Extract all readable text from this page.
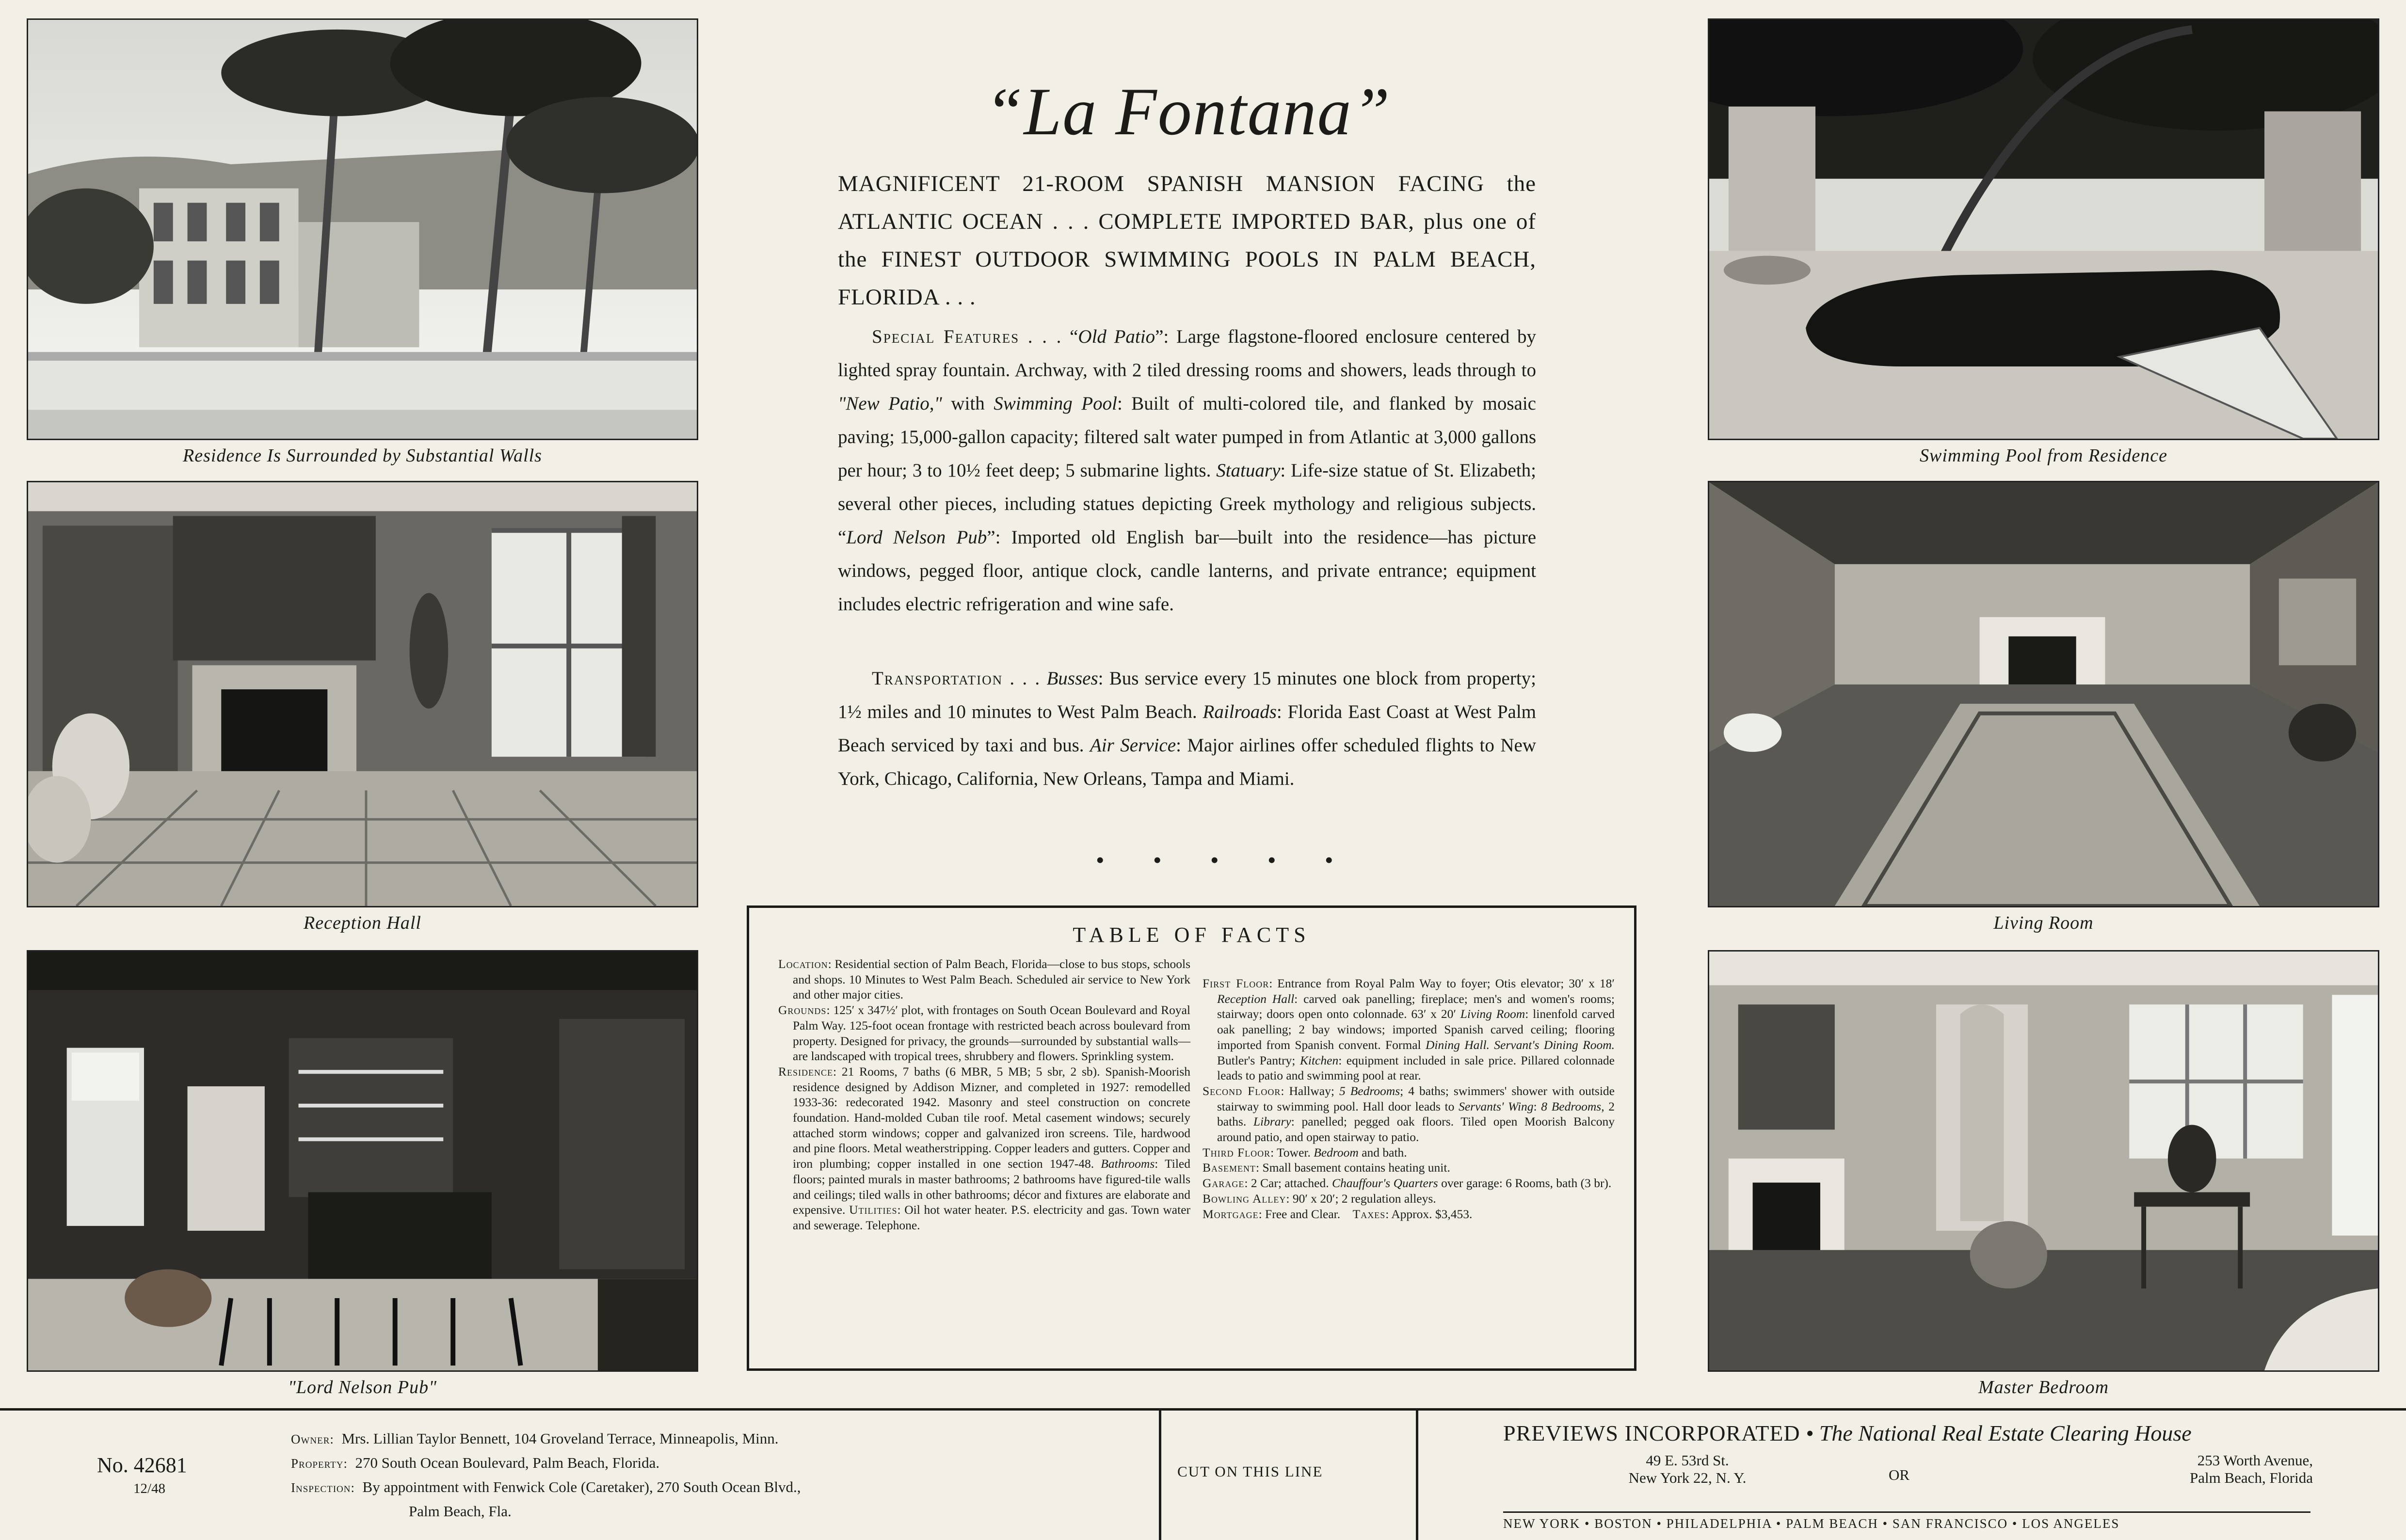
Residence Is Surrounded by Substantial Walls
Reception Hall
"Lord Nelson Pub"
Swimming Pool from Residence
Living Room
Master Bedroom
“La Fontana”
MAGNIFICENT 21-ROOM SPANISH MANSION FACING the ATLANTIC OCEAN . . . COMPLETE IMPORTED BAR, plus one of the FINEST OUTDOOR SWIMMING POOLS IN PALM BEACH, FLORIDA . . .
Special Features . . . “Old Patio”: Large flagstone-floored enclosure centered by lighted spray fountain. Archway, with 2 tiled dressing rooms and showers, leads through to "New Patio," with Swimming Pool: Built of multi-colored tile, and flanked by mosaic paving; 15,000-gallon capacity; filtered salt water pumped in from Atlantic at 3,000 gallons per hour; 3 to 10½ feet deep; 5 submarine lights. Statuary: Life-size statue of St. Elizabeth; several other pieces, including statues depicting Greek mythology and religious subjects. “Lord Nelson Pub”: Imported old English bar—built into the residence—has picture windows, pegged floor, antique clock, candle lanterns, and private entrance; equipment includes electric refrigeration and wine safe.
Transportation . . . Busses: Bus service every 15 minutes one block from property; 1½ miles and 10 minutes to West Palm Beach. Railroads: Florida East Coast at West Palm Beach serviced by taxi and bus. Air Service: Major airlines offer scheduled flights to New York, Chicago, California, New Orleans, Tampa and Miami.
• • • • •
TABLE OF FACTS
Location: Residential section of Palm Beach, Florida—close to bus stops, schools and shops. 10 Minutes to West Palm Beach. Scheduled air service to New York and other major cities.
Grounds: 125′ x 347½′ plot, with frontages on South Ocean Boulevard and Royal Palm Way. 125-foot ocean frontage with restricted beach across boulevard from property. Designed for privacy, the grounds—surrounded by substantial walls—are landscaped with tropical trees, shrubbery and flowers. Sprinkling system.
Residence: 21 Rooms, 7 baths (6 MBR, 5 MB; 5 sbr, 2 sb). Spanish-Moorish residence designed by Addison Mizner, and completed in 1927: remodelled 1933-36: redecorated 1942. Masonry and steel construction on concrete foundation. Hand-molded Cuban tile roof. Metal casement windows; securely attached storm windows; copper and galvanized iron screens. Tile, hardwood and pine floors. Metal weatherstripping. Copper leaders and gutters. Copper and iron plumbing; copper installed in one section 1947-48. Bathrooms: Tiled floors; painted murals in master bathrooms; 2 bathrooms have figured-tile walls and ceilings; tiled walls in other bathrooms; décor and fixtures are elaborate and expensive. Utilities: Oil hot water heater. P.S. electricity and gas. Town water and sewerage. Telephone.
First Floor: Entrance from Royal Palm Way to foyer; Otis elevator; 30′ x 18′ Reception Hall: carved oak panelling; fireplace; men's and women's rooms; stairway; doors open onto colonnade. 63′ x 20′ Living Room: linenfold carved oak panelling; 2 bay windows; imported Spanish carved ceiling; flooring imported from Spanish convent. Formal Dining Hall. Servant's Dining Room. Butler's Pantry; Kitchen: equipment included in sale price. Pillared colonnade leads to patio and swimming pool at rear.
Second Floor: Hallway; 5 Bedrooms; 4 baths; swimmers' shower with outside stairway to swimming pool. Hall door leads to Servants' Wing: 8 Bedrooms, 2 baths. Library: panelled; pegged oak floors. Tiled open Moorish Balcony around patio, and open stairway to patio.
Third Floor: Tower. Bedroom and bath.
Basement: Small basement contains heating unit.
Garage: 2 Car; attached. Chauffour's Quarters over garage: 6 Rooms, bath (3 br).
Bowling Alley: 90′ x 20′; 2 regulation alleys.
Mortgage: Free and Clear. Taxes: Approx. $3,453.
No. 42681
12/48
Owner: Mrs. Lillian Taylor Bennett, 104 Groveland Terrace, Minneapolis, Minn.
Property: 270 South Ocean Boulevard, Palm Beach, Florida.
Inspection: By appointment with Fenwick Cole (Caretaker), 270 South Ocean Blvd.,
Palm Beach, Fla.
CUT ON THIS LINE
PREVIEWS INCORPORATED • The National Real Estate Clearing House
49 E. 53rd St.
New York 22, N. Y.	OR
253 Worth Avenue,
Palm Beach, Florida
NEW YORK • BOSTON • PHILADELPHIA • PALM BEACH • SAN FRANCISCO • LOS ANGELES
